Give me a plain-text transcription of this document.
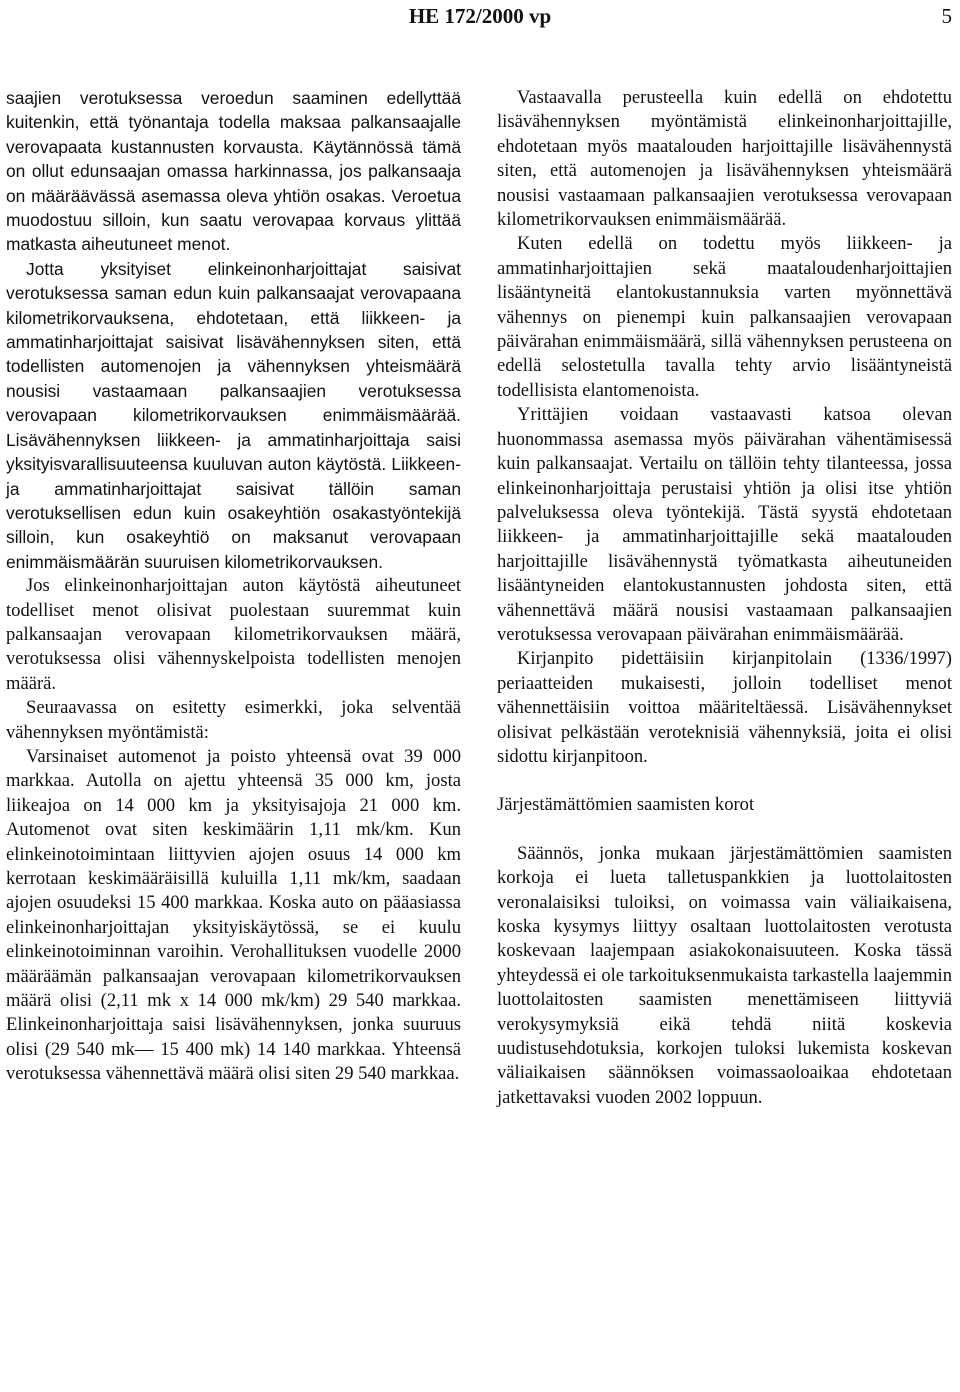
HE 172/2000 vp	5

saajien verotuksessa veroedun saaminen edellyttää kuitenkin, että työnantaja todella maksaa palkansaajalle verovapaata kustannusten korvausta. Käytännössä tämä on ollut edunsaajan omassa harkinnassa, jos palkansaaja on määräävässä asemassa oleva yhtiön osakas. Veroetua muodostuu silloin, kun saatu verovapaa korvaus ylittää matkasta aiheutuneet menot.

Jotta yksityiset elinkeinonharjoittajat saisivat verotuksessa saman edun kuin palkansaajat verovapaana kilometrikorvauksena, ehdotetaan, että liikkeen- ja ammatinharjoittajat saisivat lisävähennyksen siten, että todellisten automenojen ja vähennyksen yhteismäärä nousisi vastaamaan palkansaajien verotuksessa verovapaan kilometrikorvauksen enimmäismäärää. Lisävähennyksen liikkeen- ja ammatinharjoittaja saisi yksityisvarallisuuteensa kuuluvan auton käytöstä. Liikkeen- ja ammatinharjoittajat saisivat tällöin saman verotuksellisen edun kuin osakeyhtiön osakastyöntekijä silloin, kun osakeyhtiö on maksanut verovapaan enimmäismäärän suuruisen kilometrikorvauksen.

Jos elinkeinonharjoittajan auton käytöstä aiheutuneet todelliset menot olisivat puolestaan suuremmat kuin palkansaajan verovapaan kilometrikorvauksen määrä, verotuksessa olisi vähennyskelpoista todellisten menojen määrä.

Seuraavassa on esitetty esimerkki, joka selventää vähennyksen myöntämistä:

Varsinaiset automenot ja poisto yhteensä ovat 39 000 markkaa. Autolla on ajettu yhteensä 35 000 km, josta liikeajoa on 14 000 km ja yksityisajoja 21 000 km. Automenot ovat siten keskimäärin 1,11 mk/km. Kun elinkeinotoimintaan liittyvien ajojen osuus 14 000 km kerrotaan keskimääräisillä kuluilla 1,11 mk/km, saadaan ajojen osuudeksi 15 400 markkaa. Koska auto on pääasiassa elinkeinonharjoittajan yksityiskäytössä, se ei kuulu elinkeinotoiminnan varoihin. Verohallituksen vuodelle 2000 määräämän palkansaajan verovapaan kilometrikorvauksen määrä olisi (2,11 mk x 14 000 mk/km) 29 540 markkaa. Elinkeinonharjoittaja saisi lisävähennyksen, jonka suuruus olisi (29 540 mk— 15 400 mk) 14 140 markkaa. Yhteensä verotuksessa vähennettävä määrä olisi siten 29 540 markkaa.

Vastaavalla perusteella kuin edellä on ehdotettu lisävähennyksen myöntämistä elinkeinonharjoittajille, ehdotetaan myös maatalouden harjoittajille lisävähennystä siten, että automenojen ja lisävähennyksen yhteismäärä nousisi vastaamaan palkansaajien verotuksessa verovapaan kilometrikorvauksen enimmäismäärää.

Kuten edellä on todettu myös liikkeen- ja ammatinharjoittajien sekä maataloudenharjoittajien lisääntyneitä elantokustannuksia varten myönnettävä vähennys on pienempi kuin palkansaajien verovapaan päivärahan enimmäismäärä, sillä vähennyksen perusteena on edellä selostetulla tavalla tehty arvio lisääntyneistä todellisista elantomenoista.

Yrittäjien voidaan vastaavasti katsoa olevan huonommassa asemassa myös päivärahan vähentämisessä kuin palkansaajat. Vertailu on tällöin tehty tilanteessa, jossa elinkeinonharjoittaja perustaisi yhtiön ja olisi itse yhtiön palveluksessa oleva työntekijä. Tästä syystä ehdotetaan liikkeen- ja ammatinharjoittajille sekä maatalouden harjoittajille lisävähennystä työmatkasta aiheutuneiden lisääntyneiden elantokustannusten johdosta siten, että vähennettävä määrä nousisi vastaamaan palkansaajien verotuksessa verovapaan päivärahan enimmäismäärää.

Kirjanpito pidettäisiin kirjanpitolain (1336/1997) periaatteiden mukaisesti, jolloin todelliset menot vähennettäisiin voittoa määriteltäessä. Lisävähennykset olisivat pelkästään veroteknisiä vähennyksiä, joita ei olisi sidottu kirjanpitoon.

Järjestämättömien saamisten korot

Säännös, jonka mukaan järjestämättömien saamisten korkoja ei lueta talletuspankkien ja luottolaitosten veronalaisiksi tuloiksi, on voimassa vain väliaikaisena, koska kysymys liittyy osaltaan luottolaitosten verotusta koskevaan laajempaan asiakokonaisuuteen. Koska tässä yhteydessä ei ole tarkoituksenmukaista tarkastella laajemmin luottolaitosten saamisten menettämiseen liittyviä verokysymyksiä eikä tehdä niitä koskevia uudistusehdotuksia, korkojen tuloksi lukemista koskevan väliaikaisen säännöksen voimassaoloaikaa ehdotetaan jatkettavaksi vuoden 2002 loppuun.
